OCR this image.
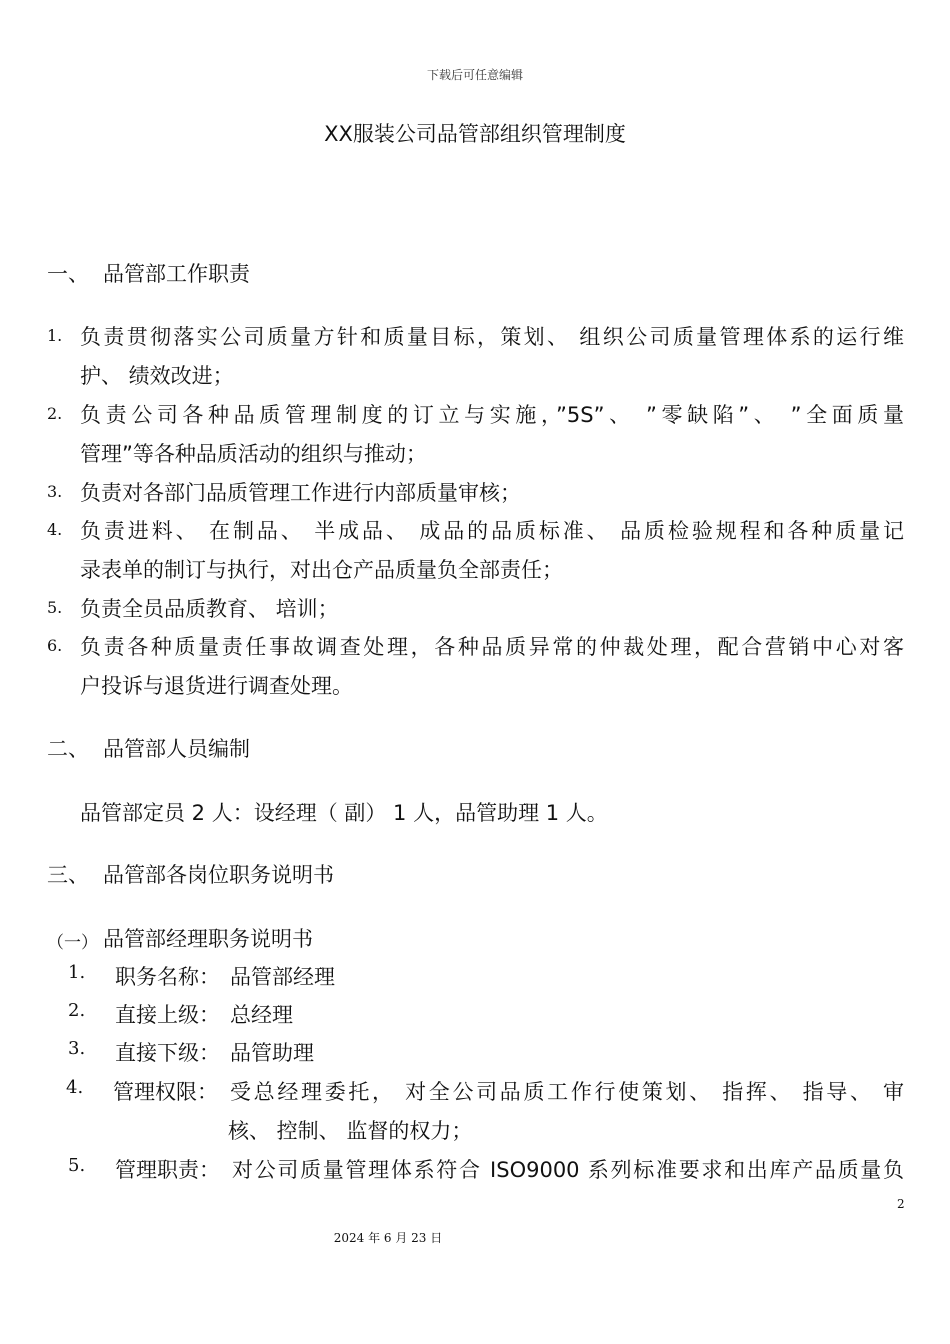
下载后可任意编辑
XX服装公司品管部组织管理制度
一、 品管部工作职责
1. 负责贯彻落实公司质量方针和质量目标，策划、 组织公司质量管理体系的运行维
护、 绩效改进；
2. 负责公司各种品质管理制度的订立与实施，”5S”、 ”零缺陷”、 ”全面质量
管理”等各种品质活动的组织与推动；
3. 负责对各部门品质管理工作进行内部质量审核；
4. 负责进料、 在制品、 半成品、 成品的品质标准、 品质检验规程和各种质量记
录表单的制订与执行，对出仓产品质量负全部责任；
5. 负责全员品质教育、 培训；
6. 负责各种质量责任事故调查处理，各种品质异常的仲裁处理，配合营销中心对客
户投诉与退货进行调查处理。
二、 品管部人员编制
品管部定员 2 人：设经理（ 副） 1 人，品管助理 1 人。
三、 品管部各岗位职务说明书
（一） 品管部经理职务说明书
1. 职务名称： 品管部经理
2. 直接上级： 总经理
3. 直接下级： 品管助理
4. 管理权限： 受总经理委托， 对全公司品质工作行使策划、 指挥、 指导、 审
核、 控制、 监督的权力；
5. 管理职责： 对公司质量管理体系符合 ISO9000 系列标准要求和出库产品质量负
2
2024 年 6 月 23 日
